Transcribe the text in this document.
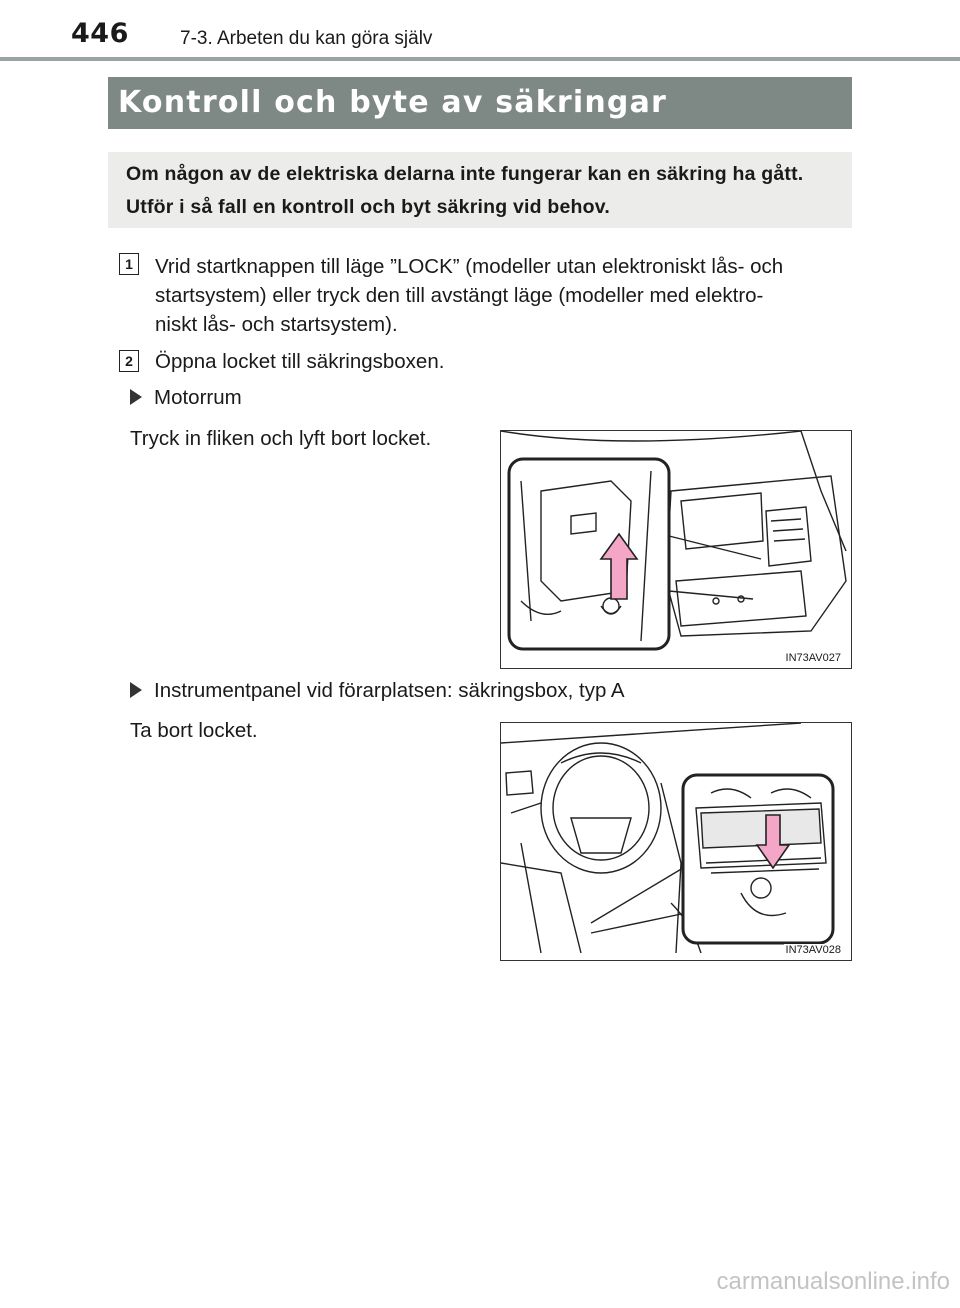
446	7-3. Arbeten du kan göra själv
Kontroll och byte av säkringar
Om någon av de elektriska delarna inte fungerar kan en säkring ha gått. Utför i så fall en kontroll och byt säkring vid behov.
1 Vrid startknappen till läge ”LOCK” (modeller utan elektroniskt lås- och
startsystem) eller tryck den till avstängt läge (modeller med elektro-
niskt lås- och startsystem).
2 Öppna locket till säkringsboxen.
Motorrum
Tryck in fliken och lyft bort locket.
IN73AV027
Instrumentpanel vid förarplatsen: säkringsbox, typ A
Ta bort locket.
IN73AV028
carmanualsonline.info
